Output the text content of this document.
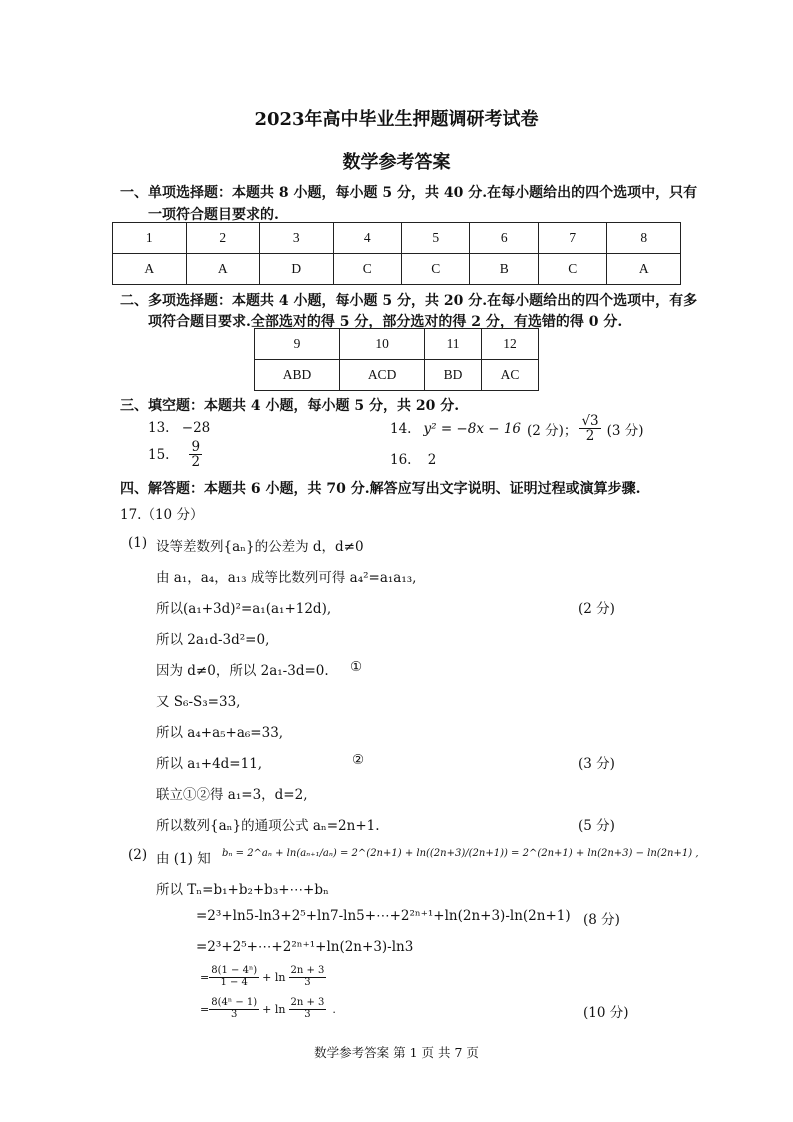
2023年高中毕业生押题调研考试卷
数学参考答案
一、单项选择题：本题共 8 小题，每小题 5 分，共 40 分.在每小题给出的四个选项中，只有
一项符合题目要求的.
1	2	3	4	5	6	7	8
A	A	D	C	C	B	C	A
二、多项选择题：本题共 4 小题，每小题 5 分，共 20 分.在每小题给出的四个选项中，有多
项符合题目要求.全部选对的得 5 分，部分选对的得 2 分，有选错的得 0 分.
9	10	11	12
ABD	ACD	BD	AC
三、填空题：本题共 4 小题，每小题 5 分，共 20 分.
13. −28	14. y² = −8x − 16 (2 分)； $\frac{√3}{2} (3$ 分)
15. $\frac{9}{2}$	16. 2
四、解答题：本题共 6 小题，共 70 分.解答应写出文字说明、证明过程或演算步骤.
17.（10 分）
(1) 设等差数列{aₙ}的公差为 d，d≠0
由 a₁，a₄，a₁₃ 成等比数列可得 a₄²=a₁a₁₃,
所以(a₁+3d)²=a₁(a₁+12d),	(2 分)
所以 2a₁d-3d²=0,
因为 d≠0，所以 2a₁-3d=0. ①
又 S₆-S₃=33,
所以 a₄+a₅+a₆=33,
所以 a₁+4d=11,	②	(3 分)
联立①②得 a₁=3，d=2,
所以数列{aₙ}的通项公式 aₙ=2n+1.	(5 分)
(2) 由 (1) 知 bₙ = 2^aₙ + ln(aₙ₊₁/aₙ) = 2^(2n+1) + ln((2n+3)/(2n+1)) = 2^(2n+1) + ln(2n+3) − ln(2n+1) ,
所以 Tₙ=b₁+b₂+b₃+⋯+bₙ
=2³+ln5-ln3+2⁵+ln7-ln5+⋯+2²ⁿ⁺¹+ln(2n+3)-ln(2n+1) (8 分)
=2³+2⁵+⋯+2²ⁿ⁺¹+ln(2n+3)-ln3
= $\frac{\text{8(1 − 4ⁿ)}}{1 - 4} + \ln \frac{2n + 3}{3}$
= $\frac{\text{8(4ⁿ − 1)}}{3} + \ln \frac{2n + 3}{3}$ .	(10 分)
数学参考答案 第 1 页 共 7 页
